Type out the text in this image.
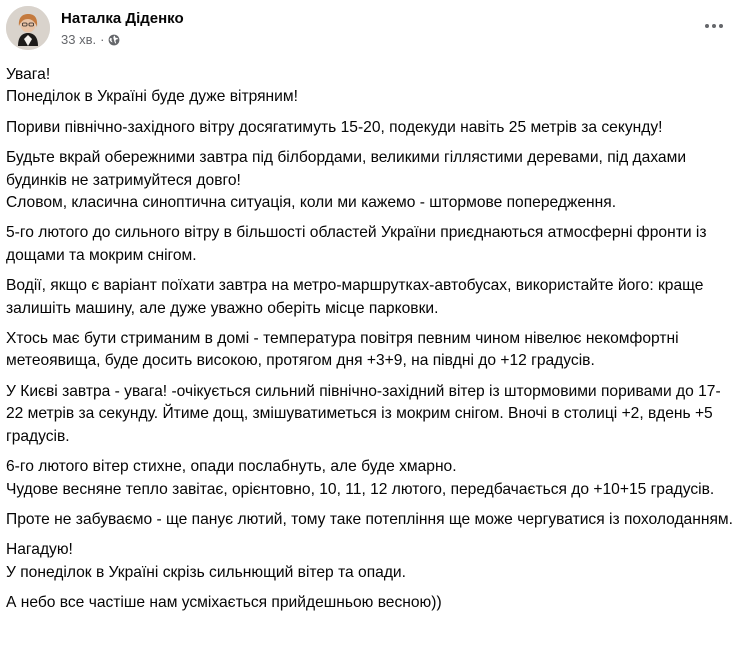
Наталка Діденко
33 хв. ·

Увага!
Понеділок в Україні буде дуже вітряним!

Пориви північно-західного вітру досягатимуть 15-20, подекуди навіть 25 метрів за секунду!

Будьте вкрай обережними завтра під білбордами, великими гіллястими деревами, під дахами будинків не затримуйтеся довго!
Словом, класична синоптична ситуація, коли ми кажемо - штормове попередження.

5-го лютого до сильного вітру в більшості областей України приєднаються атмосферні фронти із дощами та мокрим снігом.

Водії, якщо є варіант поїхати завтра на метро-маршрутках-автобусах, використайте його: краще залишіть машину, але дуже уважно оберіть місце парковки.

Хтось має бути стриманим в домі - температура повітря певним чином нівелює некомфортні метеоявища, буде досить високою, протягом дня +3+9, на півдні до +12 градусів.

У Києві завтра - увага! -очікується сильний північно-західний вітер із штормовими поривами до 17-22 метрів за секунду. Йтиме дощ, змішуватиметься із мокрим снігом. Вночі в столиці +2, вдень +5 градусів.

6-го лютого вітер стихне, опади послабнуть, але буде хмарно.
Чудове весняне тепло завітає, орієнтовно, 10, 11, 12 лютого, передбачається до +10+15 градусів.

Проте не забуваємо - ще панує лютий, тому таке потепління ще може чергуватися із похолоданням.

Нагадую!
У понеділок в Україні скрізь сильнющий вітер та опади.

А небо все частіше нам усміхається прийдешньою весною))
